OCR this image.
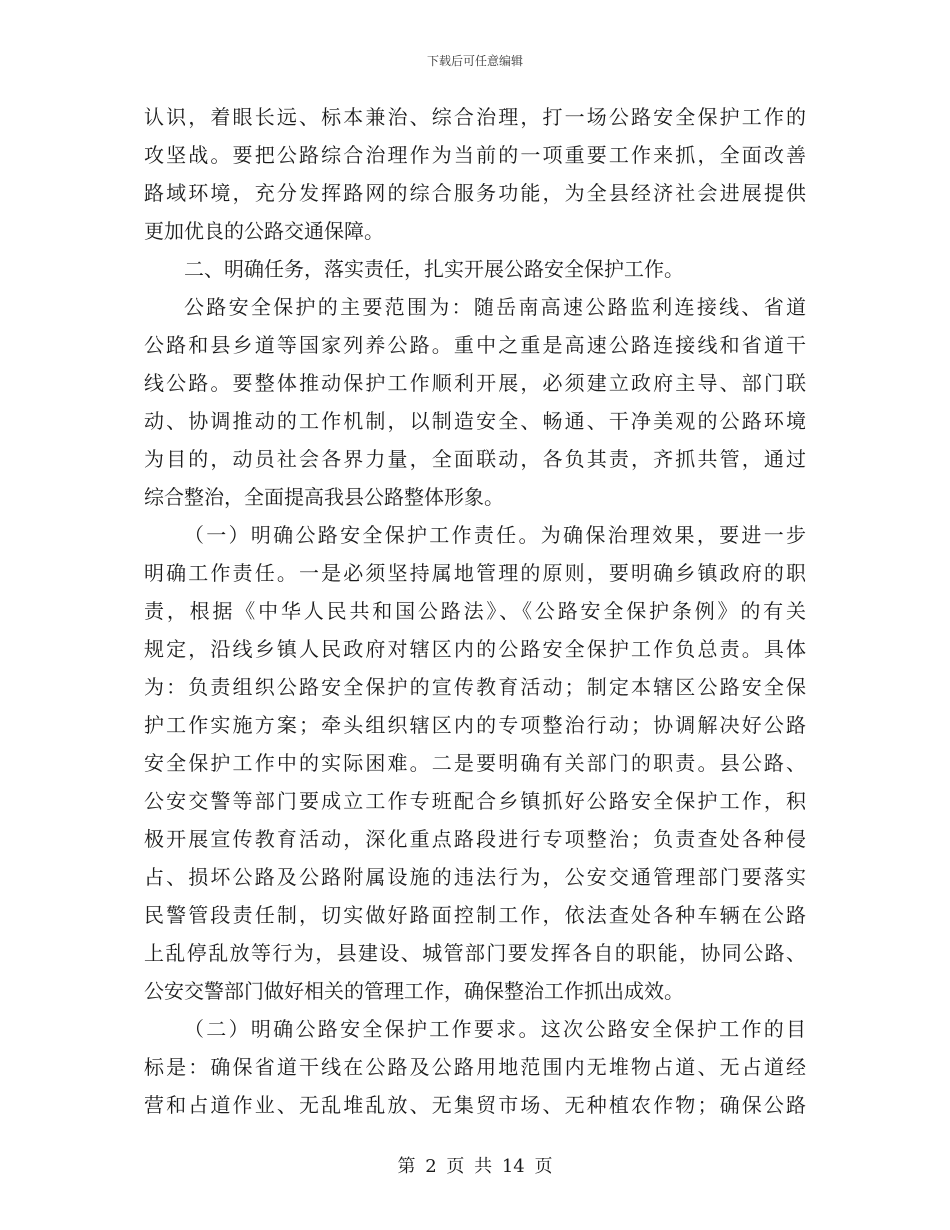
下载后可任意编辑
认识，着眼长远、标本兼治、综合治理，打一场公路安全保护工作的
攻坚战。要把公路综合治理作为当前的一项重要工作来抓，全面改善
路域环境，充分发挥路网的综合服务功能，为全县经济社会进展提供
更加优良的公路交通保障。
二、明确任务，落实责任，扎实开展公路安全保护工作。
公路安全保护的主要范围为：随岳南高速公路监利连接线、省道
公路和县乡道等国家列养公路。重中之重是高速公路连接线和省道干
线公路。要整体推动保护工作顺利开展，必须建立政府主导、部门联
动、协调推动的工作机制，以制造安全、畅通、干净美观的公路环境
为目的，动员社会各界力量，全面联动，各负其责，齐抓共管，通过
综合整治，全面提高我县公路整体形象。
（一）明确公路安全保护工作责任。为确保治理效果，要进一步
明确工作责任。一是必须坚持属地管理的原则，要明确乡镇政府的职
责，根据《中华人民共和国公路法》、《公路安全保护条例》的有关
规定，沿线乡镇人民政府对辖区内的公路安全保护工作负总责。具体
为：负责组织公路安全保护的宣传教育活动；制定本辖区公路安全保
护工作实施方案；牵头组织辖区内的专项整治行动；协调解决好公路
安全保护工作中的实际困难。二是要明确有关部门的职责。县公路、
公安交警等部门要成立工作专班配合乡镇抓好公路安全保护工作，积
极开展宣传教育活动，深化重点路段进行专项整治；负责查处各种侵
占、损坏公路及公路附属设施的违法行为，公安交通管理部门要落实
民警管段责任制，切实做好路面控制工作，依法查处各种车辆在公路
上乱停乱放等行为，县建设、城管部门要发挥各自的职能，协同公路、
公安交警部门做好相关的管理工作，确保整治工作抓出成效。
（二）明确公路安全保护工作要求。这次公路安全保护工作的目
标是：确保省道干线在公路及公路用地范围内无堆物占道、无占道经
营和占道作业、无乱堆乱放、无集贸市场、无种植农作物；确保公路
第 2 页 共 14 页
